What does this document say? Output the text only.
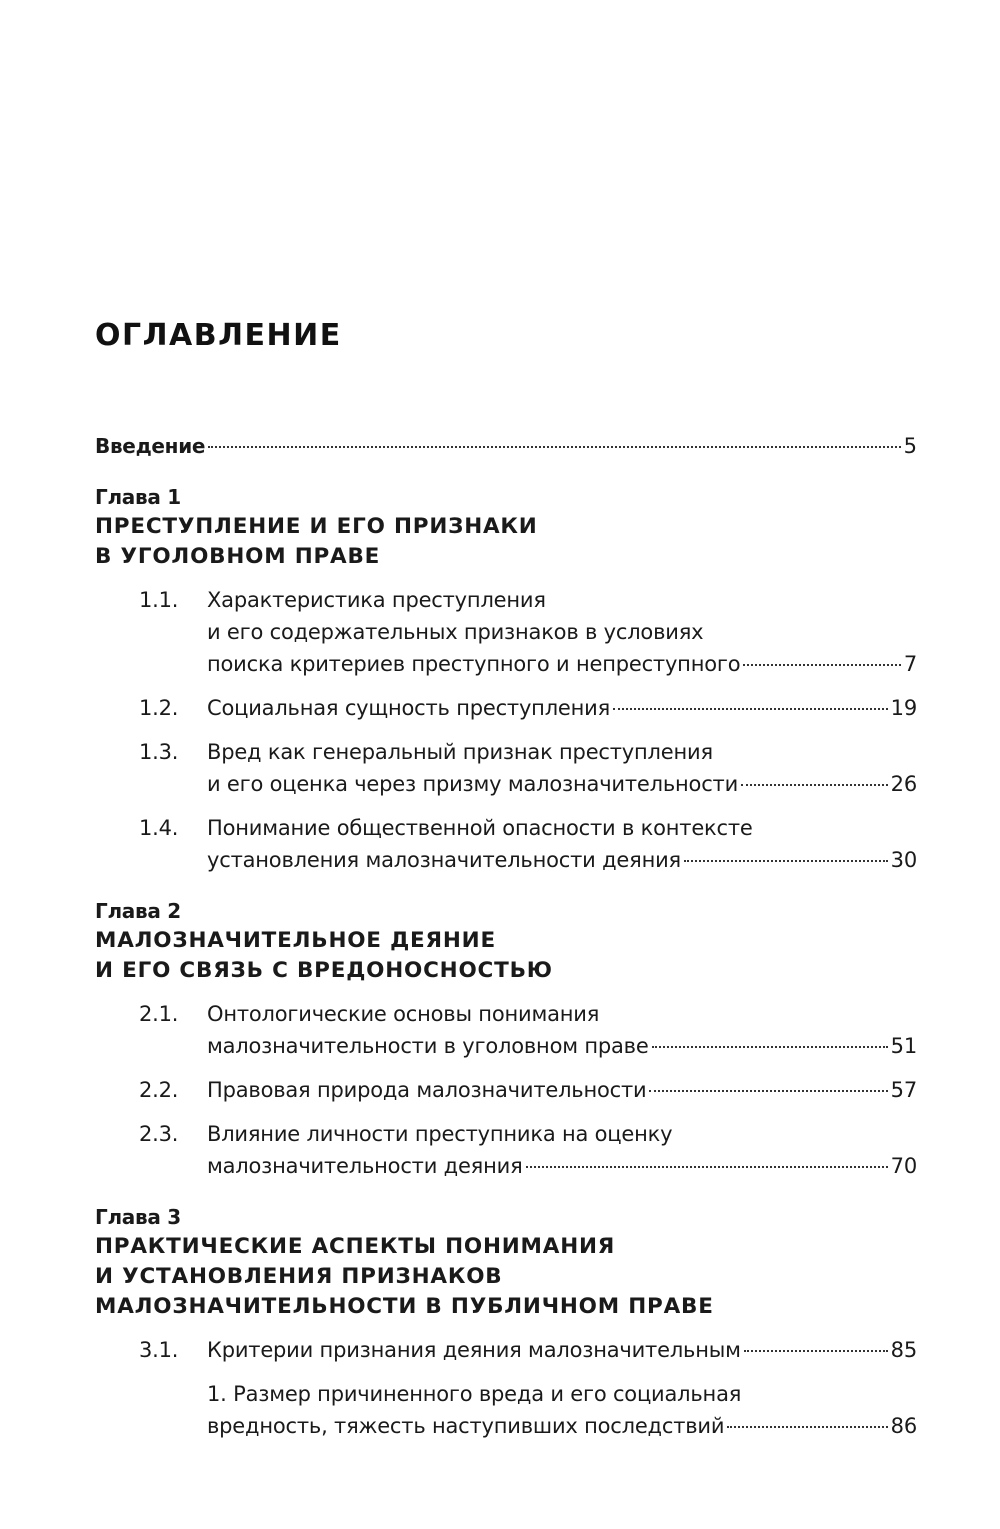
ОГЛАВЛЕНИЕ
Введение	5
Глава 1
ПРЕСТУПЛЕНИЕ И ЕГО ПРИЗНАКИ
В УГОЛОВНОМ ПРАВЕ
1.1. Характеристика преступления
и его содержательных признаков в условиях
поиска критериев преступного и непреступного	7
1.2. Социальная сущность преступления	19
1.3. Вред как генеральный признак преступления
и его оценка через призму малозначительности	26
1.4. Понимание общественной опасности в контексте
установления малозначительности деяния	30
Глава 2
МАЛОЗНАЧИТЕЛЬНОЕ ДЕЯНИЕ
И ЕГО СВЯЗЬ С ВРЕДОНОСНОСТЬЮ
2.1. Онтологические основы понимания
малозначительности в уголовном праве	51
2.2. Правовая природа малозначительности	57
2.3. Влияние личности преступника на оценку
малозначительности деяния	70
Глава 3
ПРАКТИЧЕСКИЕ АСПЕКТЫ ПОНИМАНИЯ
И УСТАНОВЛЕНИЯ ПРИЗНАКОВ
МАЛОЗНАЧИТЕЛЬНОСТИ В ПУБЛИЧНОМ ПРАВЕ
3.1. Критерии признания деяния малозначительным	85
1. Размер причиненного вреда и его социальная
вредность, тяжесть наступивших последствий	86
